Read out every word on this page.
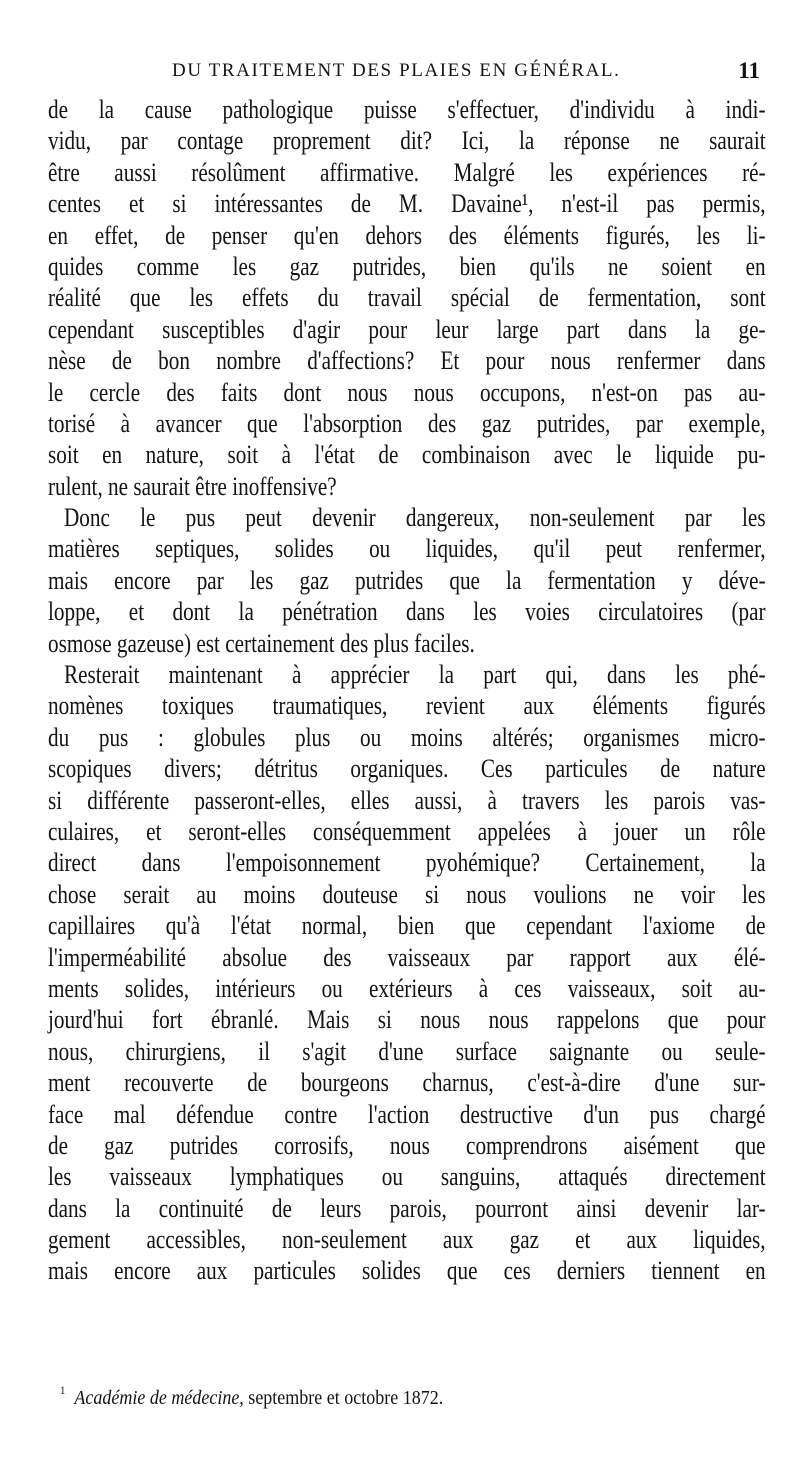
DU TRAITEMENT DES PLAIES EN GÉNÉRAL.	11
de la cause pathologique puisse s'effectuer, d'individu à indi-
vidu, par contage proprement dit? Ici, la réponse ne saurait
être aussi résolûment affirmative. Malgré les expériences ré-
centes et si intéressantes de M. Davaine¹, n'est-il pas permis,
en effet, de penser qu'en dehors des éléments figurés, les li-
quides comme les gaz putrides, bien qu'ils ne soient en
réalité que les effets du travail spécial de fermentation, sont
cependant susceptibles d'agir pour leur large part dans la ge-
nèse de bon nombre d'affections? Et pour nous renfermer dans
le cercle des faits dont nous nous occupons, n'est-on pas au-
torisé à avancer que l'absorption des gaz putrides, par exemple,
soit en nature, soit à l'état de combinaison avec le liquide pu-
rulent, ne saurait être inoffensive?
Donc le pus peut devenir dangereux, non-seulement par les
matières septiques, solides ou liquides, qu'il peut renfermer,
mais encore par les gaz putrides que la fermentation y déve-
loppe, et dont la pénétration dans les voies circulatoires (par
osmose gazeuse) est certainement des plus faciles.
Resterait maintenant à apprécier la part qui, dans les phé-
nomènes toxiques traumatiques, revient aux éléments figurés
du pus : globules plus ou moins altérés; organismes micro-
scopiques divers; détritus organiques. Ces particules de nature
si différente passeront-elles, elles aussi, à travers les parois vas-
culaires, et seront-elles conséquemment appelées à jouer un rôle
direct dans l'empoisonnement pyohémique? Certainement, la
chose serait au moins douteuse si nous voulions ne voir les
capillaires qu'à l'état normal, bien que cependant l'axiome de
l'imperméabilité absolue des vaisseaux par rapport aux élé-
ments solides, intérieurs ou extérieurs à ces vaisseaux, soit au-
jourd'hui fort ébranlé. Mais si nous nous rappelons que pour
nous, chirurgiens, il s'agit d'une surface saignante ou seule-
ment recouverte de bourgeons charnus, c'est-à-dire d'une sur-
face mal défendue contre l'action destructive d'un pus chargé
de gaz putrides corrosifs, nous comprendrons aisément que
les vaisseaux lymphatiques ou sanguins, attaqués directement
dans la continuité de leurs parois, pourront ainsi devenir lar-
gement accessibles, non-seulement aux gaz et aux liquides,
mais encore aux particules solides que ces derniers tiennent en
$^1$ Académie de médecine, septembre et octobre 1872.
